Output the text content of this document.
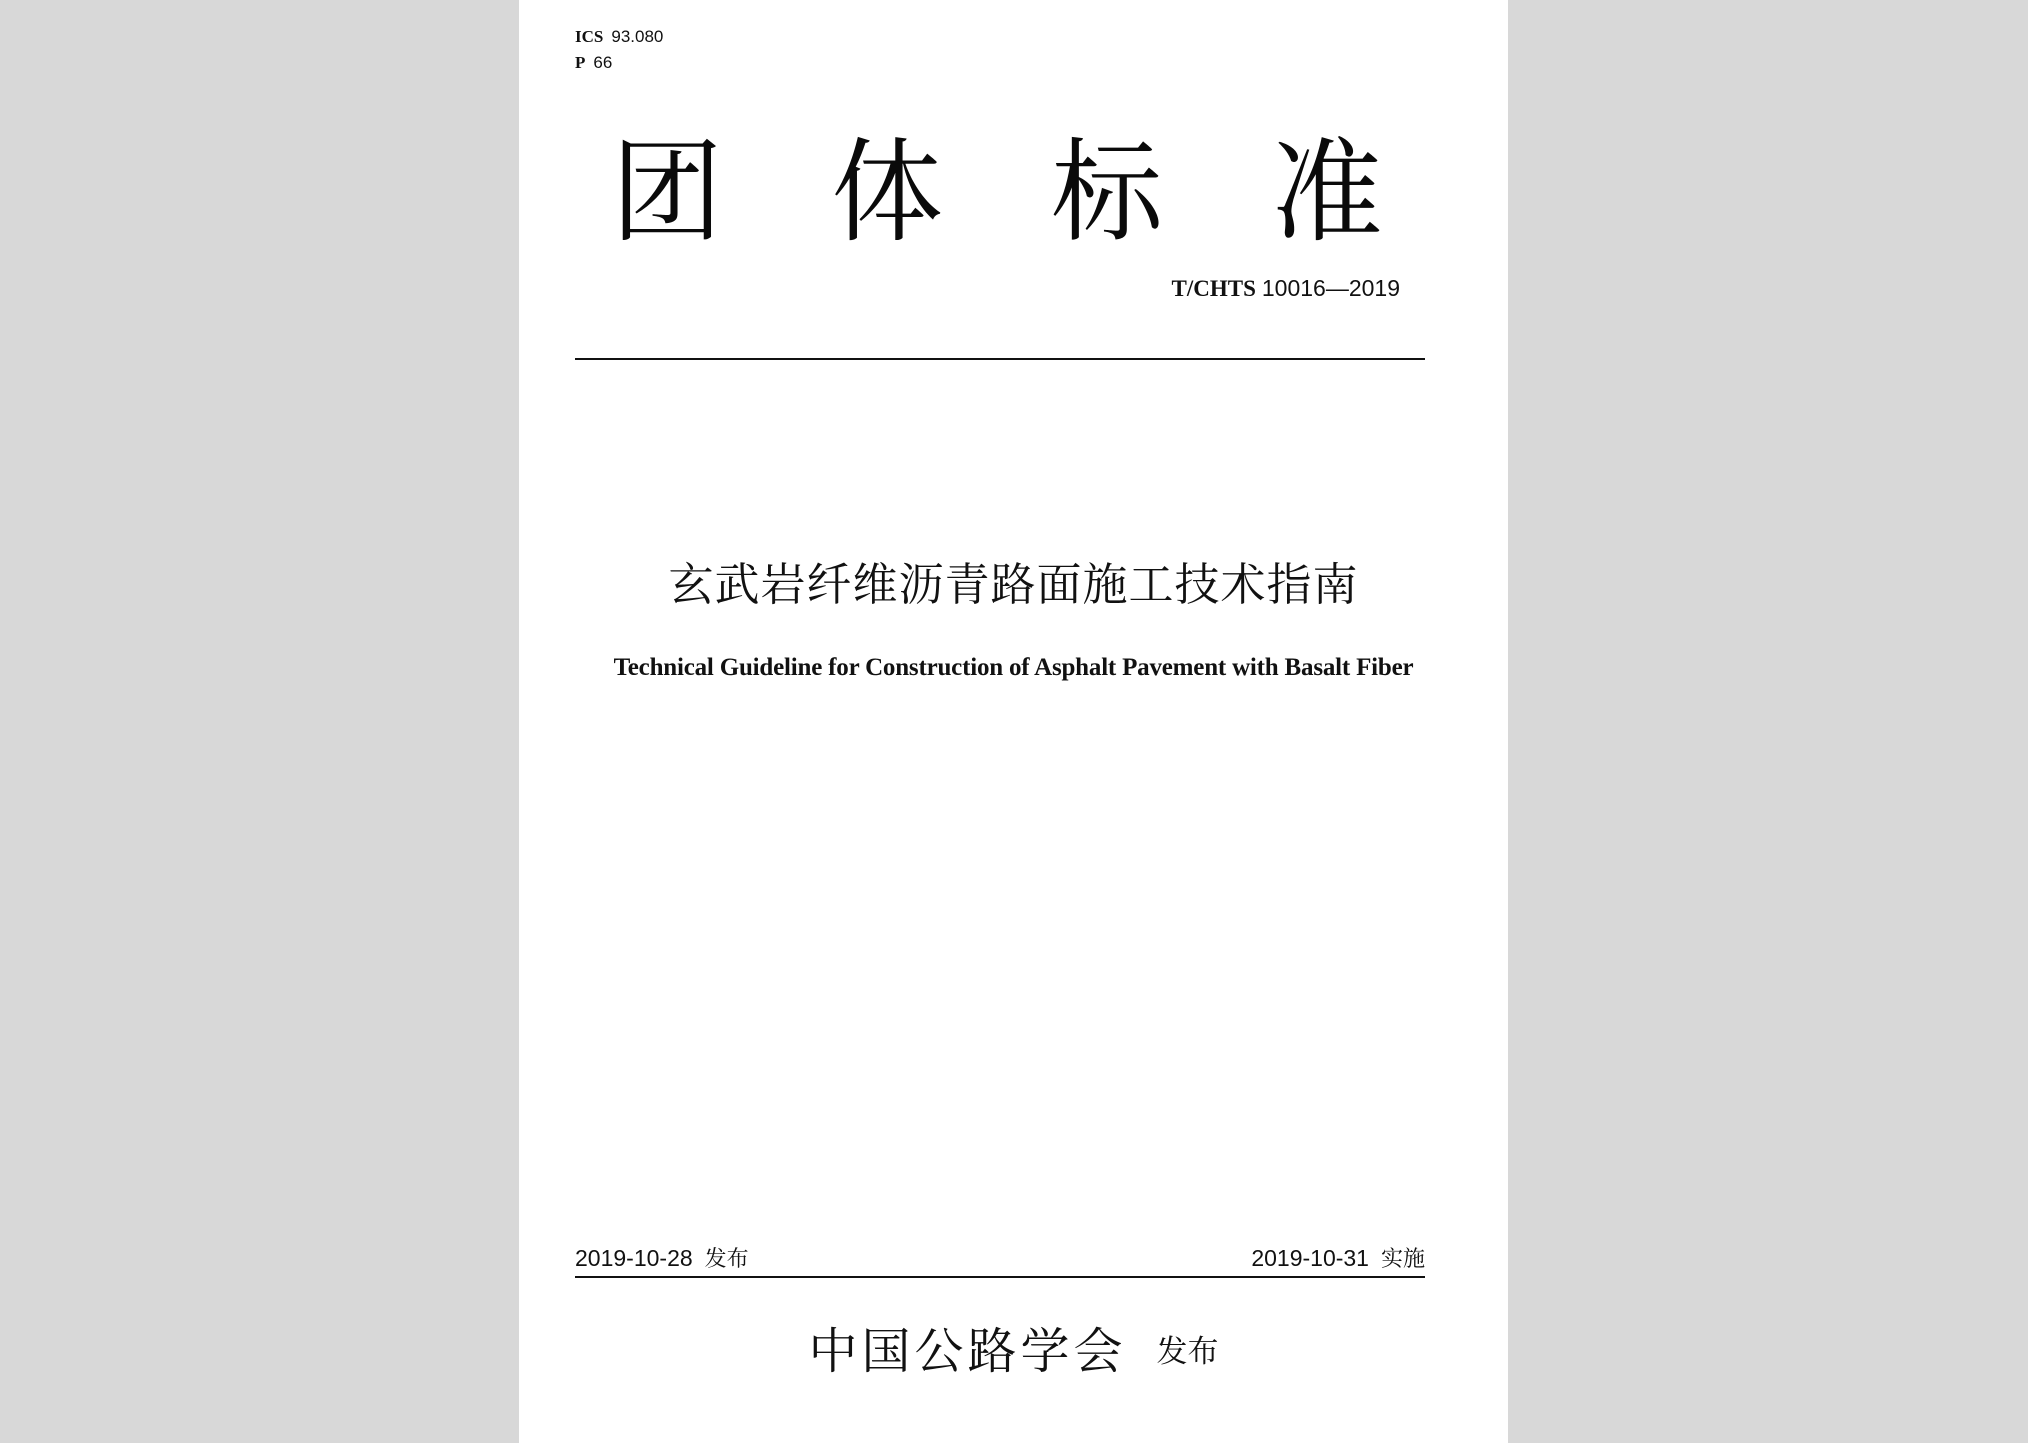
ICS 93.080
P 66
团体标准
T/CHTS 10016—2019
玄武岩纤维沥青路面施工技术指南
Technical Guideline for Construction of Asphalt Pavement with Basalt Fiber
2019-10-28 发布	2019-10-31 实施
中国公路学会 发布
